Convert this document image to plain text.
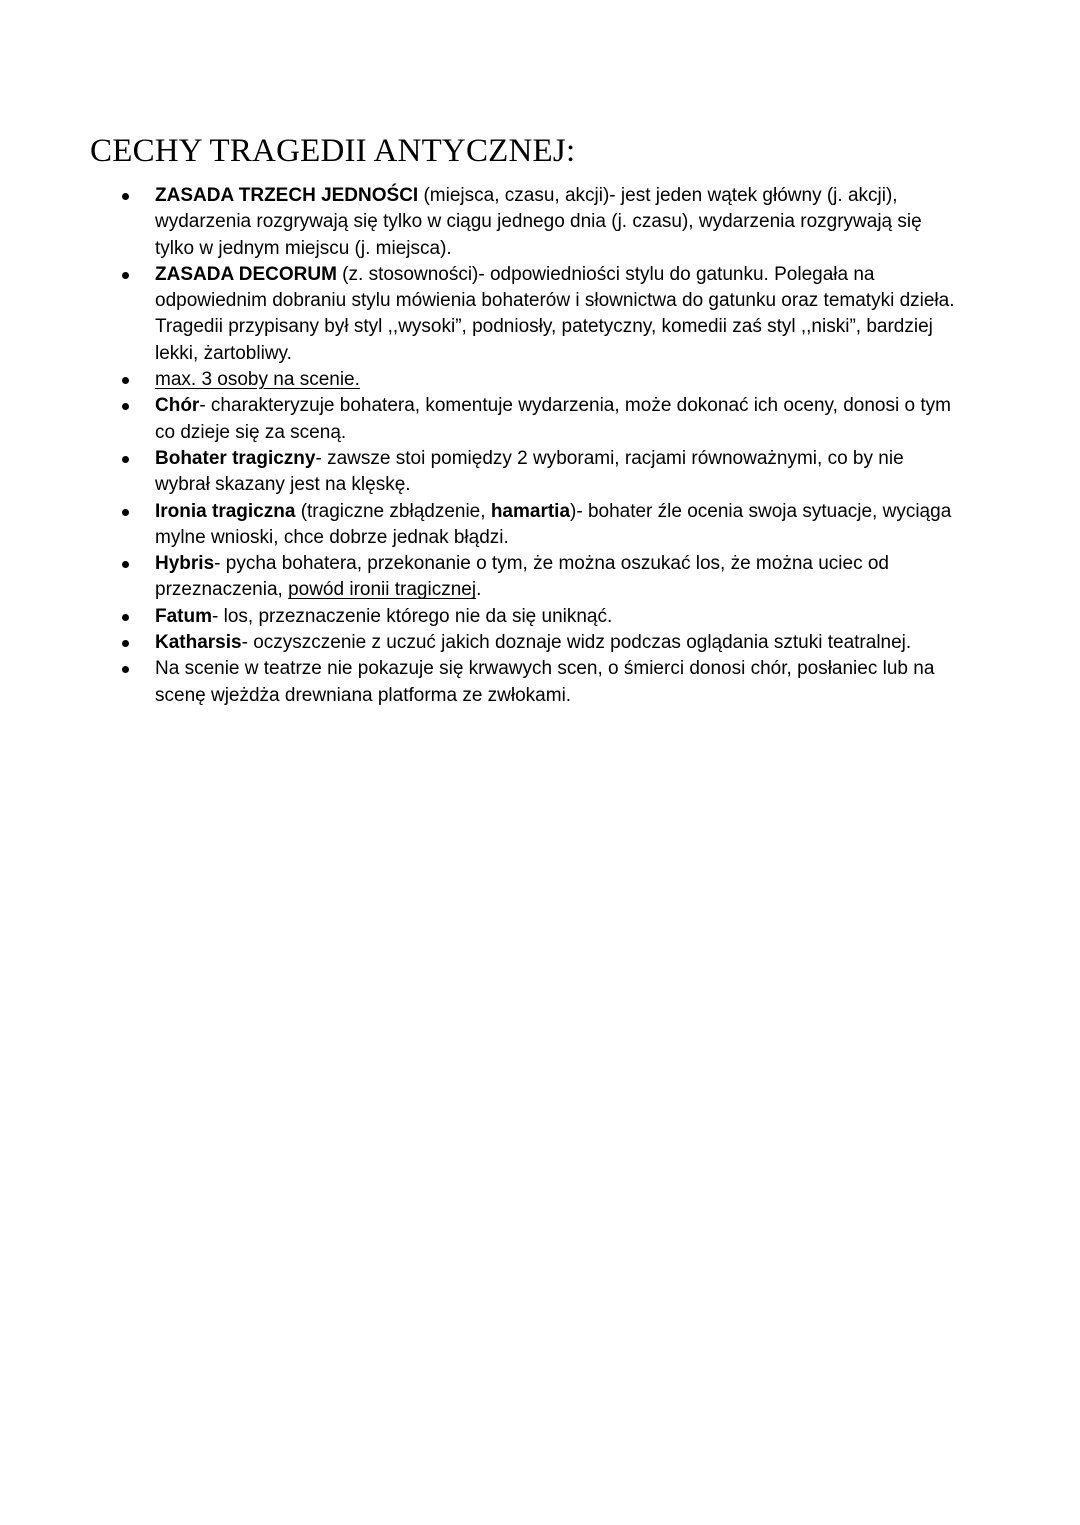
CECHY TRAGEDII ANTYCZNEJ:
ZASADA TRZECH JEDNOŚCI (miejsca, czasu, akcji)- jest jeden wątek główny (j. akcji), wydarzenia rozgrywają się tylko w ciągu jednego dnia (j. czasu), wydarzenia rozgrywają się tylko w jednym miejscu (j. miejsca).
ZASADA DECORUM (z. stosowności)- odpowiedniości stylu do gatunku. Polegała na odpowiednim dobraniu stylu mówienia bohaterów i słownictwa do gatunku oraz tematyki dzieła. Tragedii przypisany był styl ,,wysoki”, podniosły, patetyczny, komedii zaś styl ,,niski”, bardziej lekki, żartobliwy.
max. 3 osoby na scenie.
Chór- charakteryzuje bohatera, komentuje wydarzenia, może dokonać ich oceny, donosi o tym co dzieje się za sceną.
Bohater tragiczny- zawsze stoi pomiędzy 2 wyborami, racjami równoważnymi, co by nie wybrał skazany jest na klęskę.
Ironia tragiczna (tragiczne zbłądzenie, hamartia)- bohater źle ocenia swoja sytuacje, wyciąga mylne wnioski, chce dobrze jednak błądzi.
Hybris- pycha bohatera, przekonanie o tym, że można oszukać los, że można uciec od przeznaczenia, powód ironii tragicznej.
Fatum- los, przeznaczenie którego nie da się uniknąć.
Katharsis- oczyszczenie z uczuć jakich doznaje widz podczas oglądania sztuki teatralnej.
Na scenie w teatrze nie pokazuje się krwawych scen, o śmierci donosi chór, posłaniec lub na scenę wjeżdża drewniana platforma ze zwłokami.
